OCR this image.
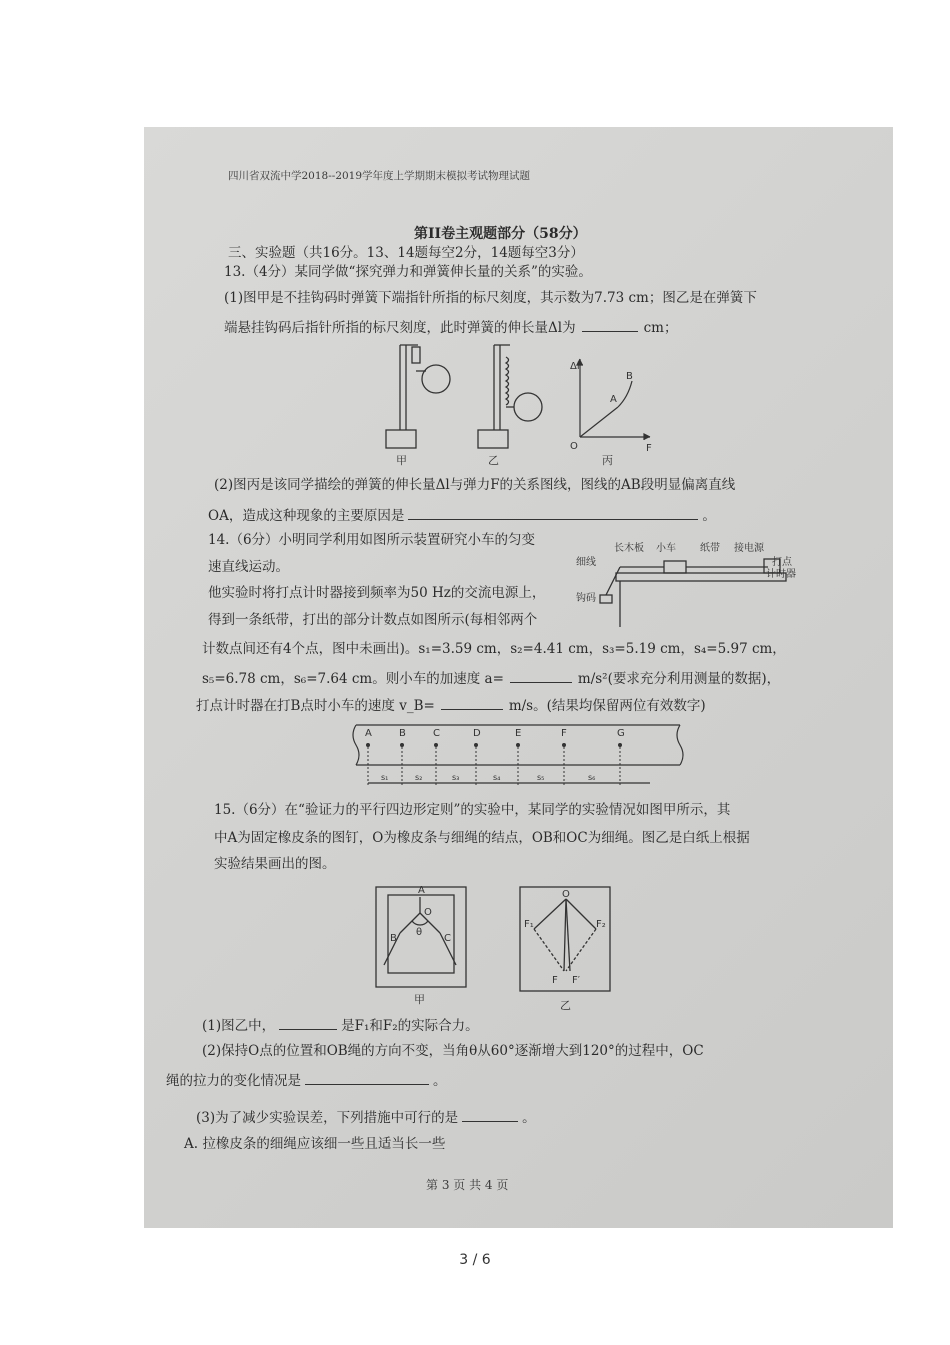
四川省双流中学2018--2019学年度上学期期末模拟考试物理试题
第II卷主观题部分（58分）
三、实验题（共16分。13、14题每空2分，14题每空3分）
13.（4分）某同学做“探究弹力和弹簧伸长量的关系”的实验。
(1)图甲是不挂钩码时弹簧下端指针所指的标尺刻度，其示数为7.73 cm；图乙是在弹簧下
端悬挂钩码后指针所指的标尺刻度，此时弹簧的伸长量Δl为	cm；
Δl
F
O
A
B
甲	乙	丙
(2)图丙是该同学描绘的弹簧的伸长量Δl与弹力F的关系图线，图线的AB段明显偏离直线
OA，造成这种现象的主要原因是	。
14.（6分）小明同学利用如图所示装置研究小车的匀变
速直线运动。
他实验时将打点计时器接到频率为50 Hz的交流电源上，
得到一条纸带，打出的部分计数点如图所示(每相邻两个
长木板 小车 纸带 接电源
打点
计时器
细线
钩码
计数点间还有4个点，图中未画出)。s₁=3.59 cm，s₂=4.41 cm，s₃=5.19 cm，s₄=5.97 cm，
s₅=6.78 cm，s₆=7.64 cm。则小车的加速度 a=	m/s²(要求充分利用测量的数据)，
打点计时器在打B点时小车的速度 v_B=	m/s。(结果均保留两位有效数字)
A	B	C	D	E	F	G
s₁	s₂	s₃	s₄	s₅	s₆
15.（6分）在“验证力的平行四边形定则”的实验中，某同学的实验情况如图甲所示，其
中A为固定橡皮条的图钉，O为橡皮条与细绳的结点，OB和OC为细绳。图乙是白纸上根据
实验结果画出的图。
A
O
B	C
θ
O
F₁	F₂
F F′
甲	乙
(1)图乙中，	是F₁和F₂的实际合力。
(2)保持O点的位置和OB绳的方向不变，当角θ从60°逐渐增大到120°的过程中，OC
绳的拉力的变化情况是	。
(3)为了减少实验误差，下列措施中可行的是	。
A. 拉橡皮条的细绳应该细一些且适当长一些
第 3 页 共 4 页
3 / 6
